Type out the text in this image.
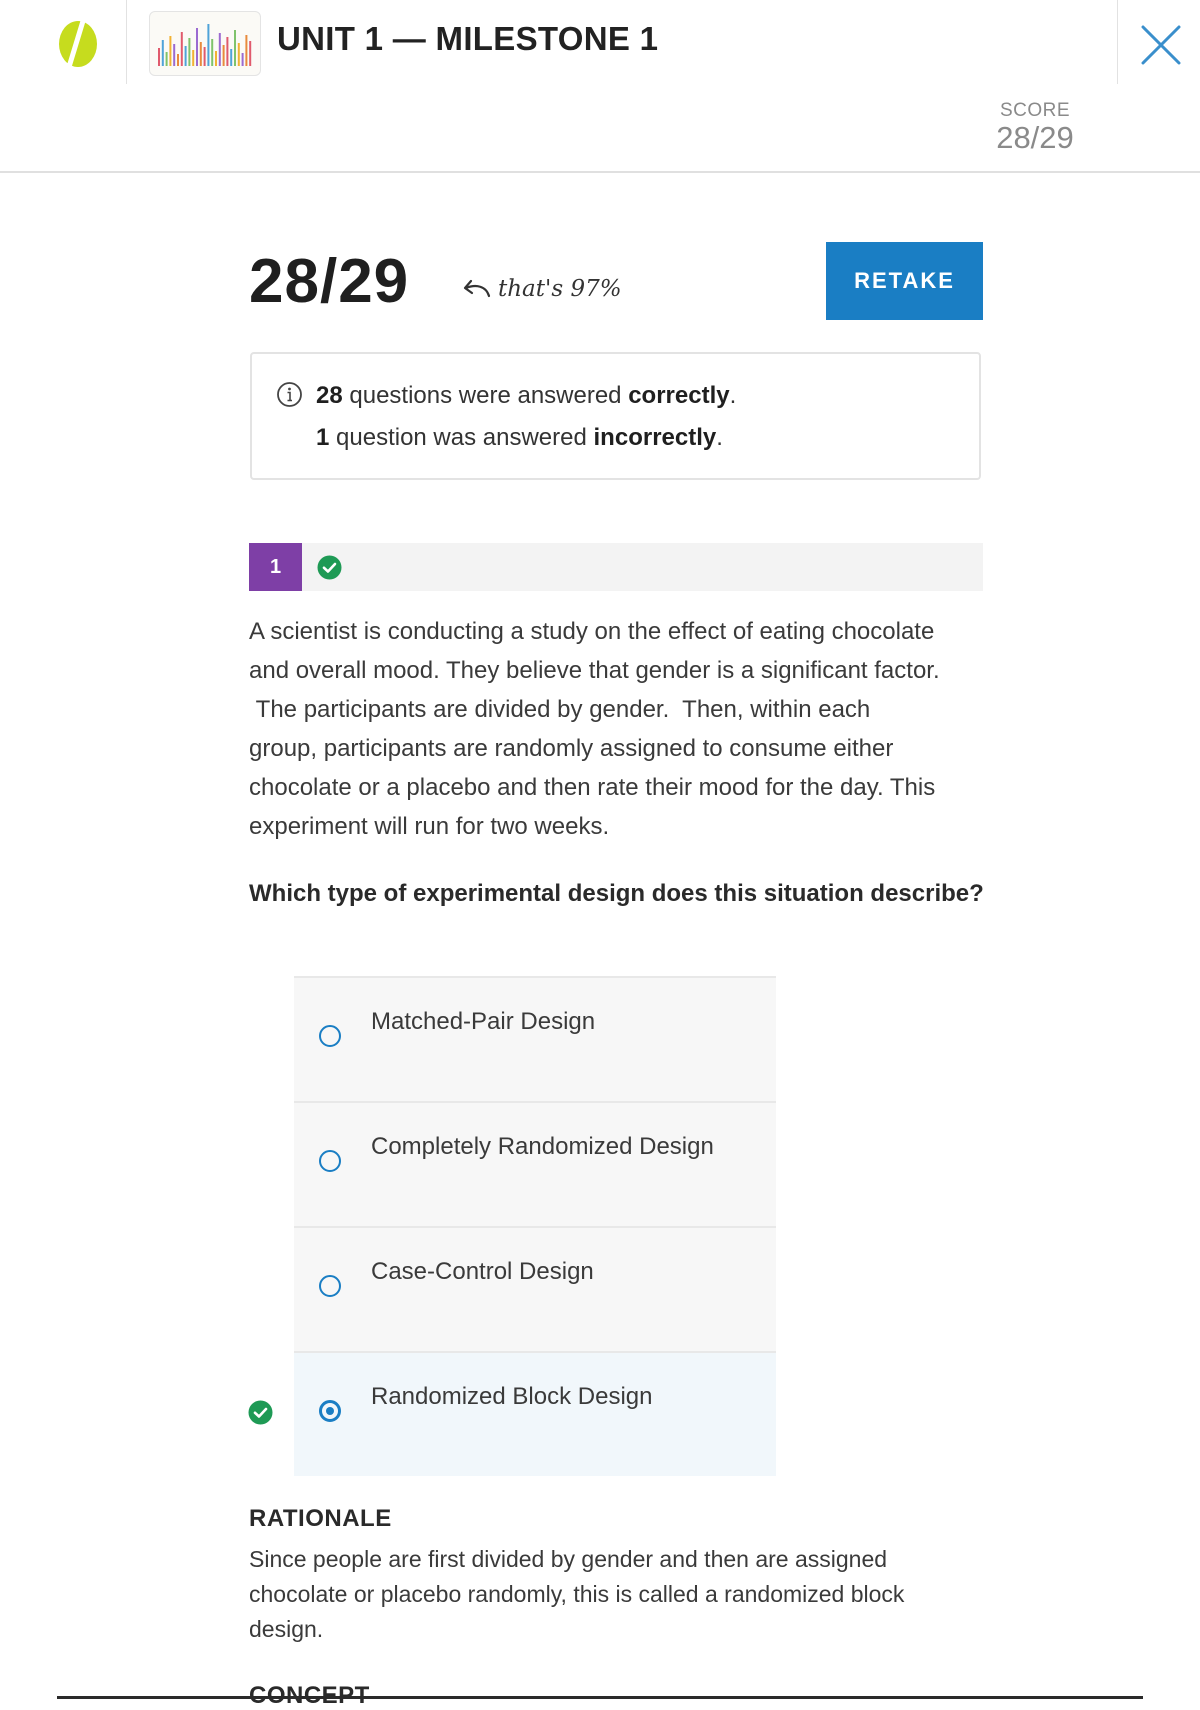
UNIT 1 — MILESTONE 1
SCORE
28/29
28/29	that's 97%	RETAKE
28 questions were answered correctly.
1 question was answered incorrectly.
1

A scientist is conducting a study on the effect of eating chocolate
and overall mood. They believe that gender is a significant factor.
The participants are divided by gender.  Then, within each
group, participants are randomly assigned to consume either
chocolate or a placebo and then rate their mood for the day. This
experiment will run for two weeks.

Which type of experimental design does this situation describe?
Matched-Pair Design
Completely Randomized Design
Case-Control Design
Randomized Block Design
RATIONALE

Since people are first divided by gender and then are assigned chocolate or placebo randomly, this is called a randomized block design.
